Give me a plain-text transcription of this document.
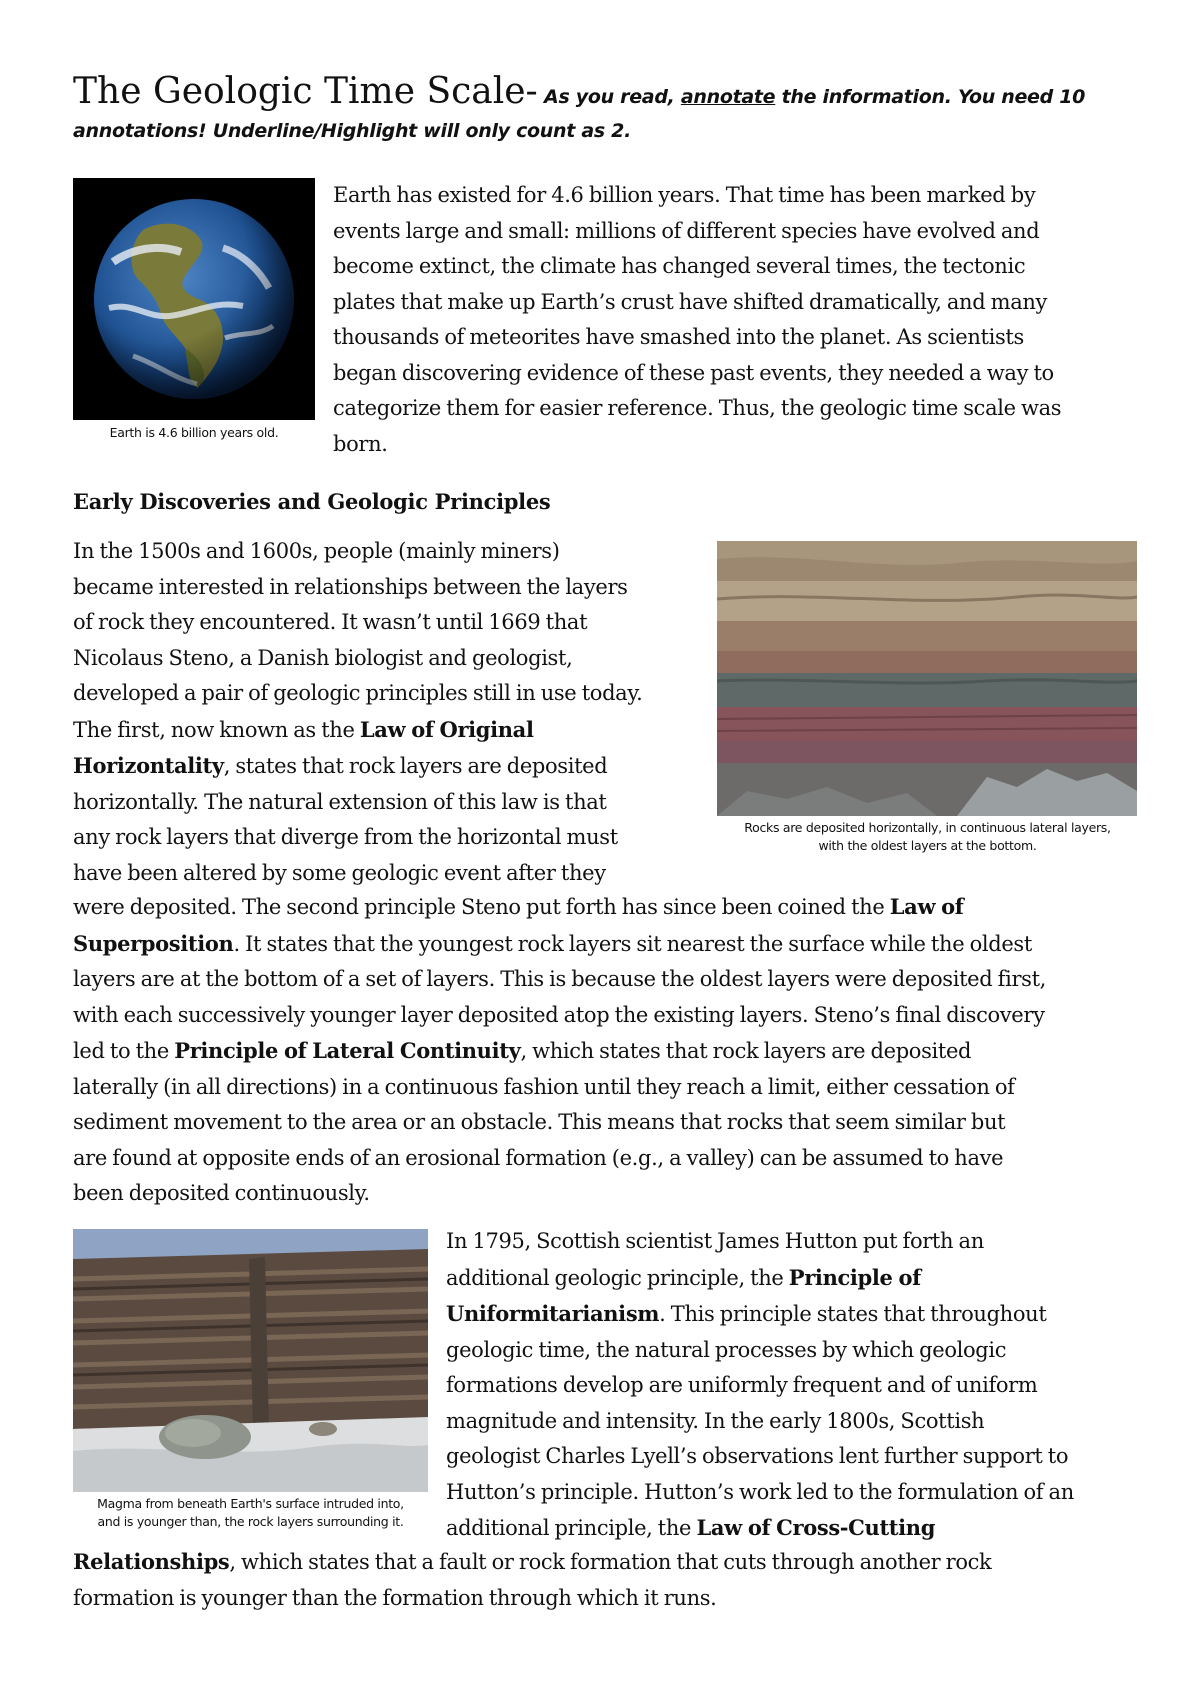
The Geologic Time Scale- As you read, annotate the information. You need 10
annotations! Underline/Highlight will only count as 2.
Earth is 4.6 billion years old.
Earth has existed for 4.6 billion years. That time has been marked by
events large and small: millions of different species have evolved and
become extinct, the climate has changed several times, the tectonic
plates that make up Earth’s crust have shifted dramatically, and many
thousands of meteorites have smashed into the planet. As scientists
began discovering evidence of these past events, they needed a way to
categorize them for easier reference. Thus, the geologic time scale was
born.
Early Discoveries and Geologic Principles
Rocks are deposited horizontally, in continuous lateral layers,
with the oldest layers at the bottom.
In the 1500s and 1600s, people (mainly miners)
became interested in relationships between the layers
of rock they encountered. It wasn’t until 1669 that
Nicolaus Steno, a Danish biologist and geologist,
developed a pair of geologic principles still in use today.
The first, now known as the Law of Original
Horizontality, states that rock layers are deposited
horizontally. The natural extension of this law is that
any rock layers that diverge from the horizontal must
have been altered by some geologic event after they
were deposited. The second principle Steno put forth has since been coined the Law of
Superposition. It states that the youngest rock layers sit nearest the surface while the oldest
layers are at the bottom of a set of layers. This is because the oldest layers were deposited first,
with each successively younger layer deposited atop the existing layers. Steno’s final discovery
led to the Principle of Lateral Continuity, which states that rock layers are deposited
laterally (in all directions) in a continuous fashion until they reach a limit, either cessation of
sediment movement to the area or an obstacle. This means that rocks that seem similar but
are found at opposite ends of an erosional formation (e.g., a valley) can be assumed to have
been deposited continuously.
Magma from beneath Earth's surface intruded into,
and is younger than, the rock layers surrounding it.
In 1795, Scottish scientist James Hutton put forth an
additional geologic principle, the Principle of
Uniformitarianism. This principle states that throughout
geologic time, the natural processes by which geologic
formations develop are uniformly frequent and of uniform
magnitude and intensity. In the early 1800s, Scottish
geologist Charles Lyell’s observations lent further support to
Hutton’s principle. Hutton’s work led to the formulation of an
additional principle, the Law of Cross-Cutting
Relationships, which states that a fault or rock formation that cuts through another rock
formation is younger than the formation through which it runs.
